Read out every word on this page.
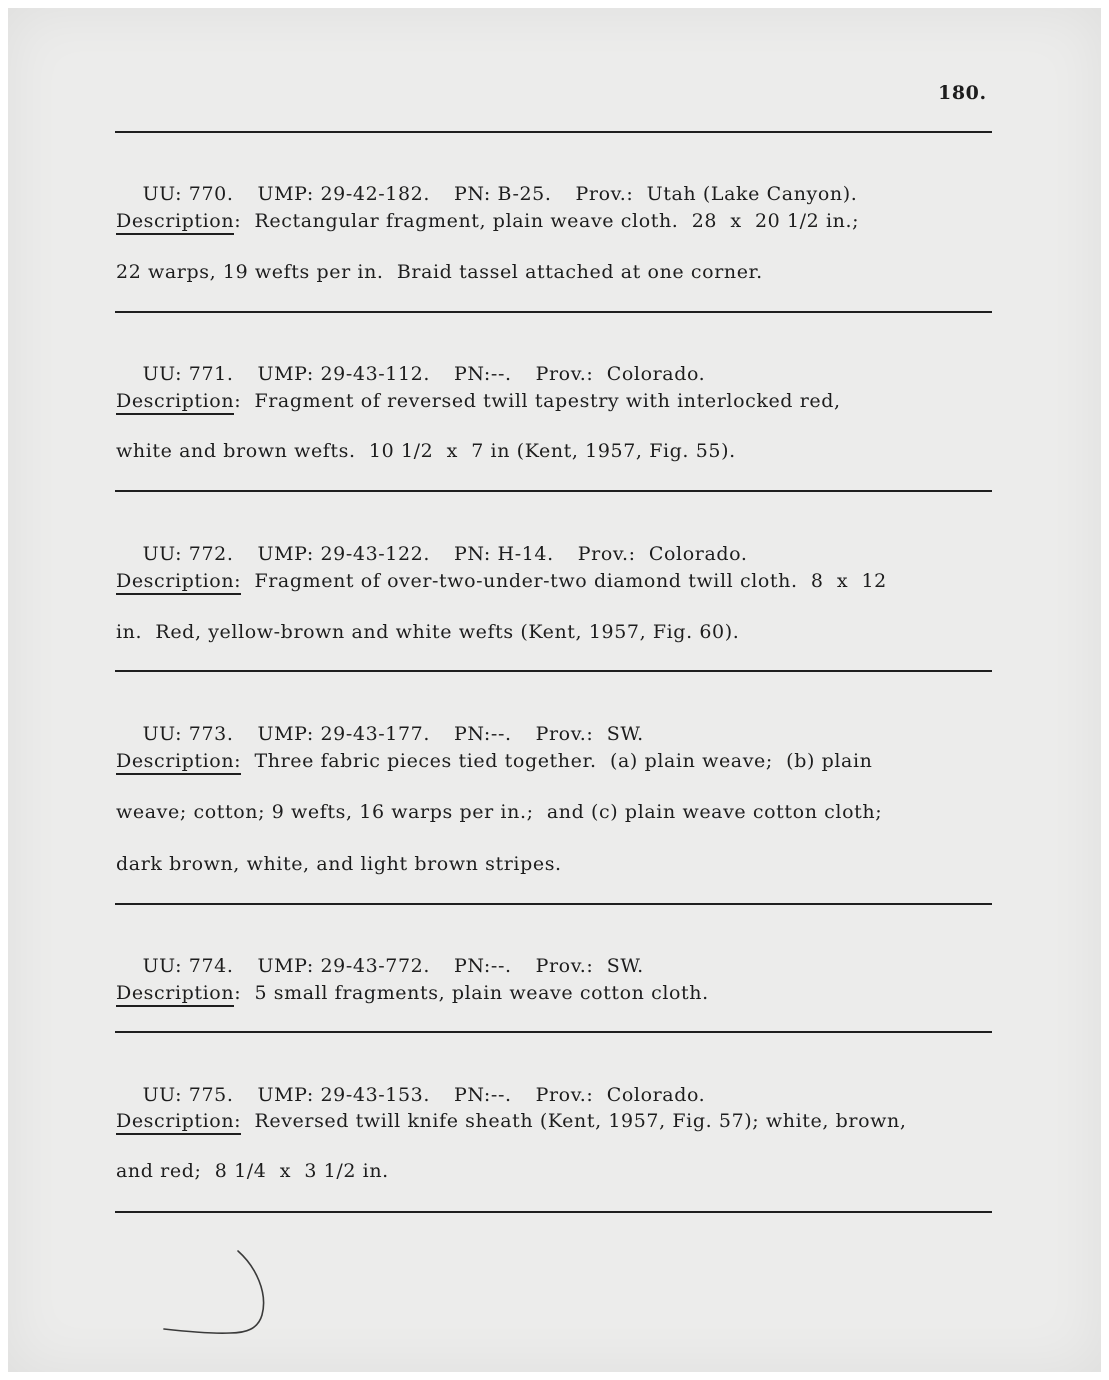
180.

UU: 770. UMP: 29-42-182. PN: B-25. Prov.:  Utah (Lake Canyon).

Description:  Rectangular fragment, plain weave cloth.  28  x  20 1/2 in.;
22 warps, 19 wefts per in.  Braid tassel attached at one corner.

UU: 771. UMP: 29-43-112. PN:--. Prov.:  Colorado.

Description:  Fragment of reversed twill tapestry with interlocked red,
white and brown wefts.  10 1/2  x  7 in (Kent, 1957, Fig. 55).

UU: 772. UMP: 29-43-122. PN: H-14. Prov.:  Colorado.

Description:  Fragment of over-two-under-two diamond twill cloth.  8  x  12
in.  Red, yellow-brown and white wefts (Kent, 1957, Fig. 60).

UU: 773. UMP: 29-43-177. PN:--. Prov.:  SW.

Description:  Three fabric pieces tied together.  (a) plain weave;  (b) plain
weave; cotton; 9 wefts, 16 warps per in.;  and (c) plain weave cotton cloth;
dark brown, white, and light brown stripes.

UU: 774. UMP: 29-43-772. PN:--. Prov.:  SW.

Description:  5 small fragments, plain weave cotton cloth.

UU: 775. UMP: 29-43-153. PN:--. Prov.:  Colorado.

Description:  Reversed twill knife sheath (Kent, 1957, Fig. 57); white, brown,
and red;  8 1/4  x  3 1/2 in.
